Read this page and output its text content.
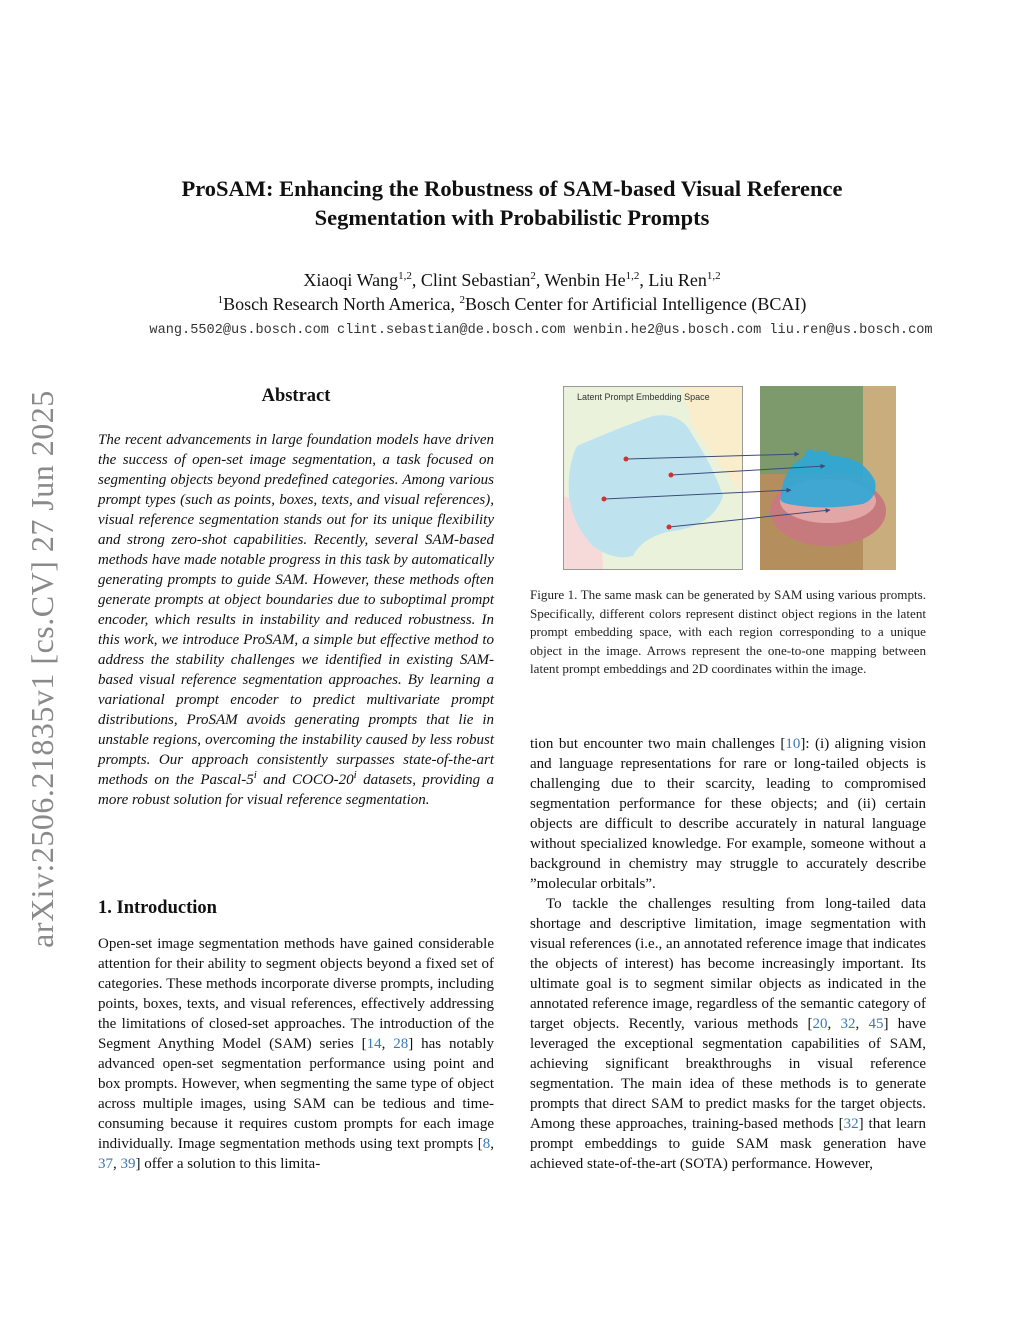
arXiv:2506.21835v1 [cs.CV] 27 Jun 2025
ProSAM: Enhancing the Robustness of SAM-based Visual Reference
Segmentation with Probabilistic Prompts
Xiaoqi Wang$^{1,2}$, Clint Sebastian$^2$, Wenbin He$^{1,2}$, Liu Ren$^{1,2}$
$^1$Bosch Research North America, $^2$Bosch Center for Artificial Intelligence (BCAI)
wang.5502@us.bosch.com clint.sebastian@de.bosch.com wenbin.he2@us.bosch.com liu.ren@us.bosch.com
Abstract
The recent advancements in large foundation models have driven the success of open-set image segmentation, a task focused on segmenting objects beyond predefined categories. Among various prompt types (such as points, boxes, texts, and visual references), visual reference segmentation stands out for its unique flexibility and strong zero-shot capabilities. Recently, several SAM-based methods have made notable progress in this task by automatically generating prompts to guide SAM. However, these methods often generate prompts at object boundaries due to suboptimal prompt encoder, which results in instability and reduced robustness. In this work, we introduce ProSAM, a simple but effective method to address the stability challenges we identified in existing SAM-based visual reference segmentation approaches. By learning a variational prompt encoder to predict multivariate prompt distributions, ProSAM avoids generating prompts that lie in unstable regions, overcoming the instability caused by less robust prompts. Our approach consistently surpasses state-of-the-art methods on the Pascal-5$^i$ and COCO-20$^i$ datasets, providing a more robust solution for visual reference segmentation.
1. Introduction

Open-set image segmentation methods have gained considerable attention for their ability to segment objects beyond a fixed set of categories. These methods incorporate diverse prompts, including points, boxes, texts, and visual references, effectively addressing the limitations of closed-set approaches. The introduction of the Segment Anything Model (SAM) series [14, 28] has notably advanced open-set segmentation performance using point and box prompts. However, when segmenting the same type of object across multiple images, using SAM can be tedious and time-consuming because it requires custom prompts for each image individually. Image segmentation methods using text prompts [8, 37, 39] offer a solution to this limita-

Latent Prompt Embedding Space
Figure 1. The same mask can be generated by SAM using various prompts. Specifically, different colors represent distinct object regions in the latent prompt embedding space, with each region corresponding to a unique object in the image. Arrows represent the one-to-one mapping between latent prompt embeddings and 2D coordinates within the image.

tion but encounter two main challenges [10]: (i) aligning vision and language representations for rare or long-tailed objects is challenging due to their scarcity, leading to compromised segmentation performance for these objects; and (ii) certain objects are difficult to describe accurately in natural language without specialized knowledge. For example, someone without a background in chemistry may struggle to accurately describe ”molecular orbitals”.

To tackle the challenges resulting from long-tailed data shortage and descriptive limitation, image segmentation with visual references (i.e., an annotated reference image that indicates the objects of interest) has become increasingly important. Its ultimate goal is to segment similar objects as indicated in the annotated reference image, regardless of the semantic category of target objects. Recently, various methods [20, 32, 45] have leveraged the exceptional segmentation capabilities of SAM, achieving significant breakthroughs in visual reference segmentation. The main idea of these methods is to generate prompts that direct SAM to predict masks for the target objects. Among these approaches, training-based methods [32] that learn prompt embeddings to guide SAM mask generation have achieved state-of-the-art (SOTA) performance. However,
